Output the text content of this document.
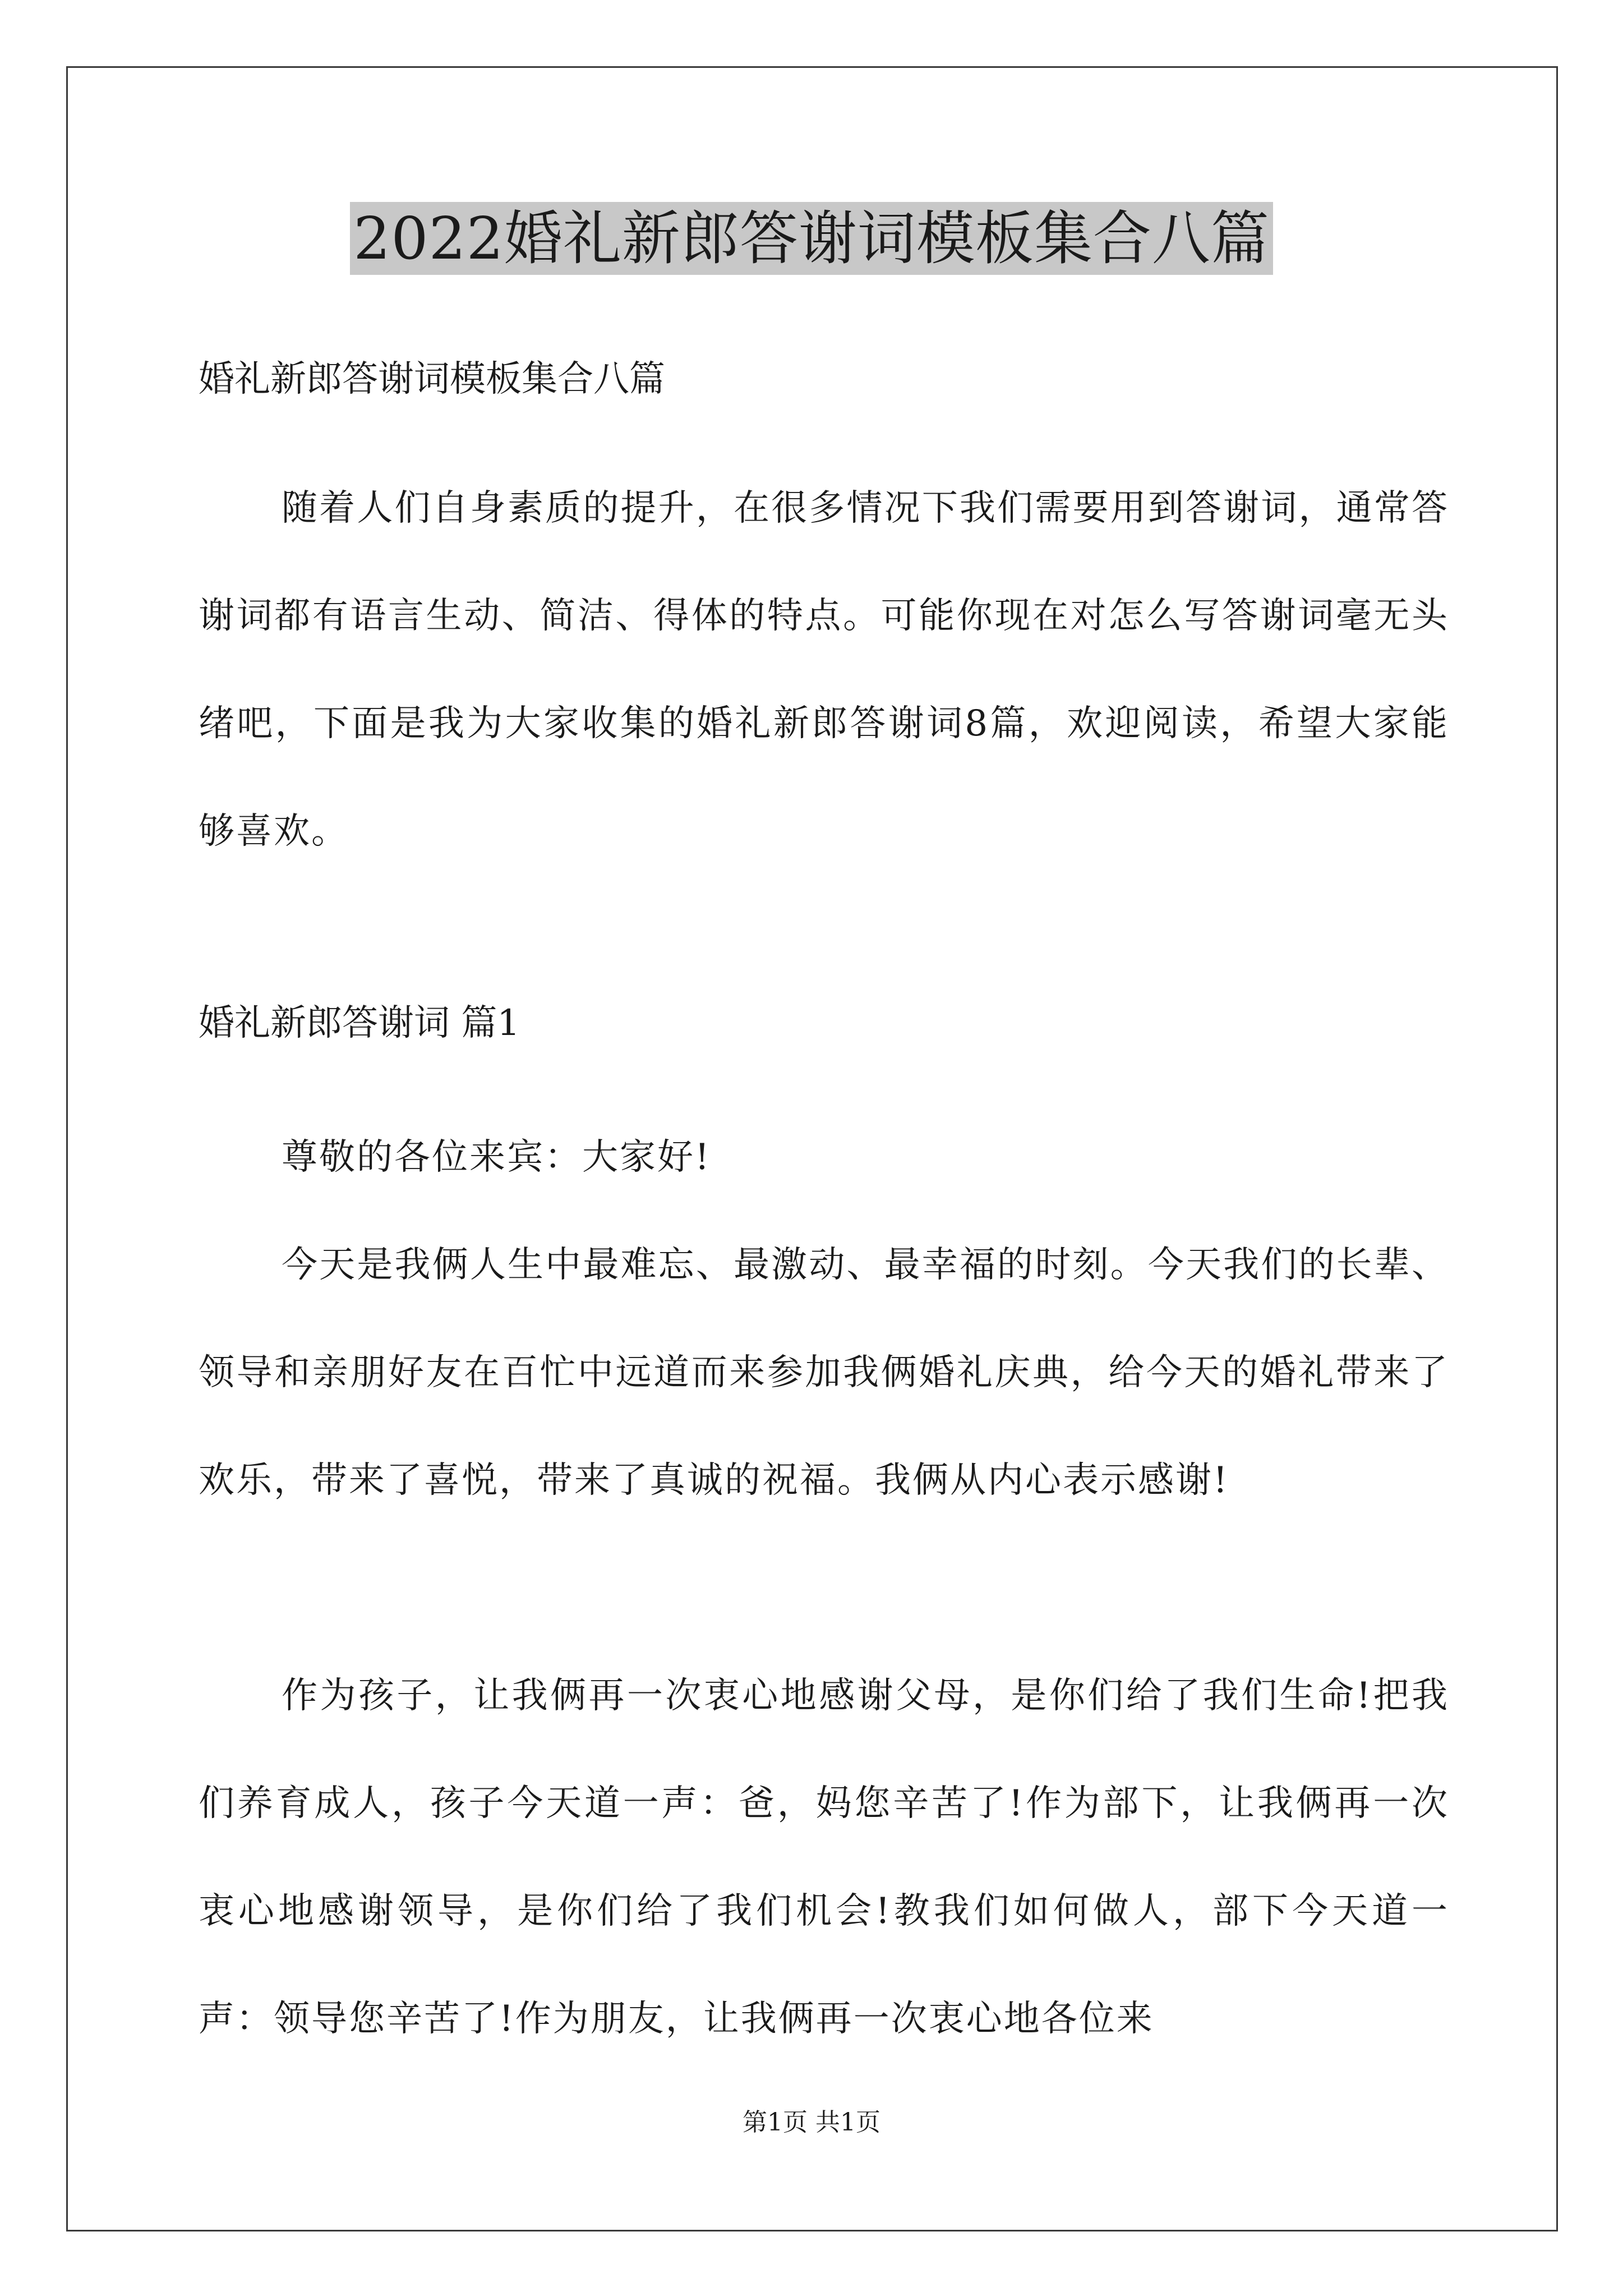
2022婚礼新郎答谢词模板集合八篇
婚礼新郎答谢词模板集合八篇
随着人们自身素质的提升，在很多情况下我们需要用到答谢词，通常答谢词都有语言生动、简洁、得体的特点。可能你现在对怎么写答谢词毫无头绪吧，下面是我为大家收集的婚礼新郎答谢词8篇，欢迎阅读，希望大家能够喜欢。
婚礼新郎答谢词 篇1
尊敬的各位来宾：大家好!
今天是我俩人生中最难忘、最激动、最幸福的时刻。今天我们的长辈、领导和亲朋好友在百忙中远道而来参加我俩婚礼庆典，给今天的婚礼带来了欢乐，带来了喜悦，带来了真诚的祝福。我俩从内心表示感谢!
作为孩子，让我俩再一次衷心地感谢父母，是你们给了我们生命!把我们养育成人，孩子今天道一声：爸，妈您辛苦了!作为部下，让我俩再一次衷心地感谢领导，是你们给了我们机会!教我们如何做人，部下今天道一声：领导您辛苦了!作为朋友，让我俩再一次衷心地各位来
第1页 共1页
